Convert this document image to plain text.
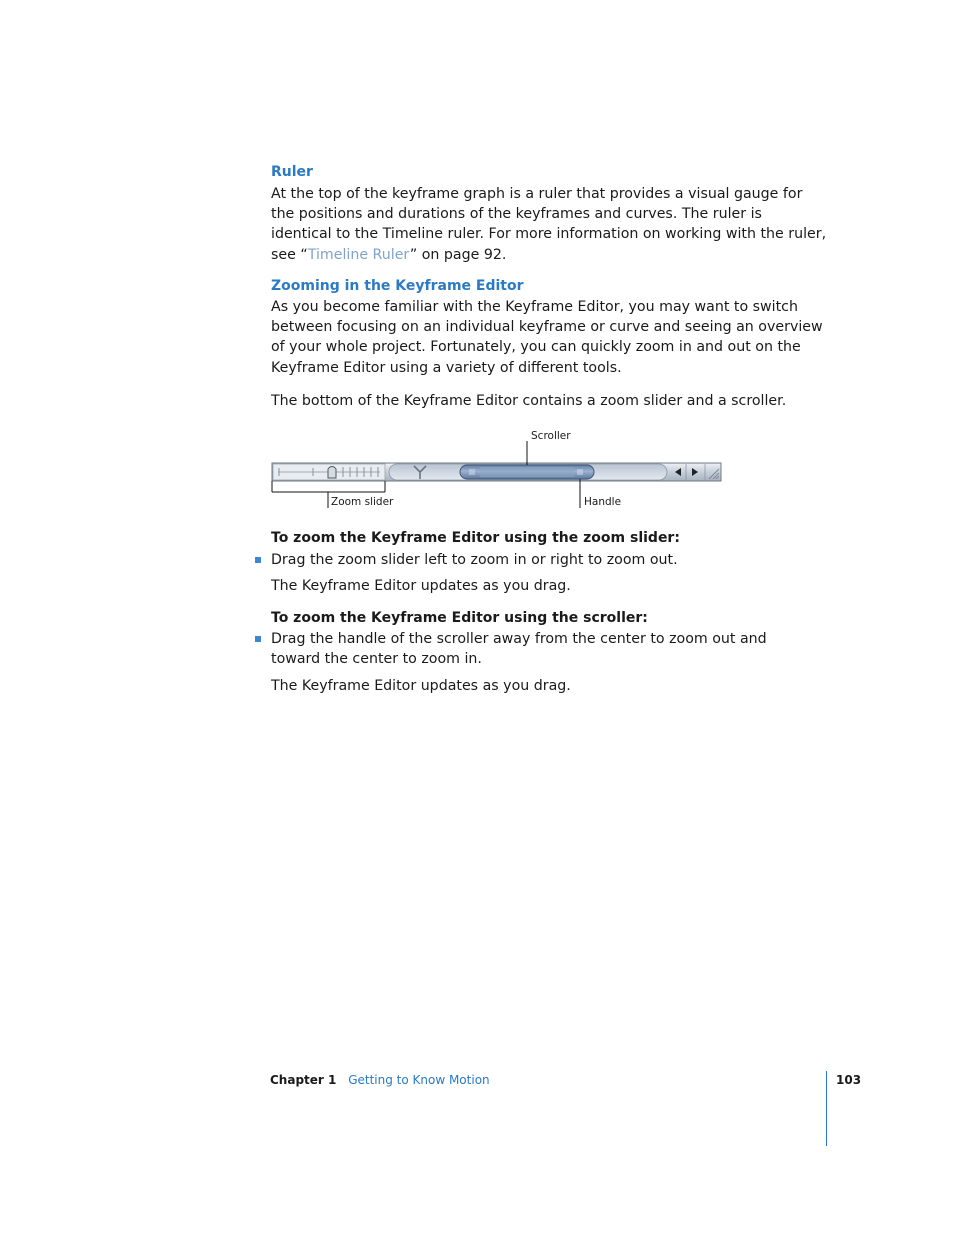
Ruler
At the top of the keyframe graph is a ruler that provides a visual gauge for the positions and durations of the keyframes and curves. The ruler is identical to the Timeline ruler. For more information on working with the ruler, see “Timeline Ruler” on page 92.
Zooming in the Keyframe Editor
As you become familiar with the Keyframe Editor, you may want to switch between focusing on an individual keyframe or curve and seeing an overview of your whole project. Fortunately, you can quickly zoom in and out on the Keyframe Editor using a variety of different tools.
The bottom of the Keyframe Editor contains a zoom slider and a scroller.
Scroller
Zoom slider	Handle
To zoom the Keyframe Editor using the zoom slider:
Drag the zoom slider left to zoom in or right to zoom out.
The Keyframe Editor updates as you drag.
To zoom the Keyframe Editor using the scroller:
Drag the handle of the scroller away from the center to zoom out and toward the center to zoom in.
The Keyframe Editor updates as you drag.
Chapter 1 Getting to Know Motion	103
